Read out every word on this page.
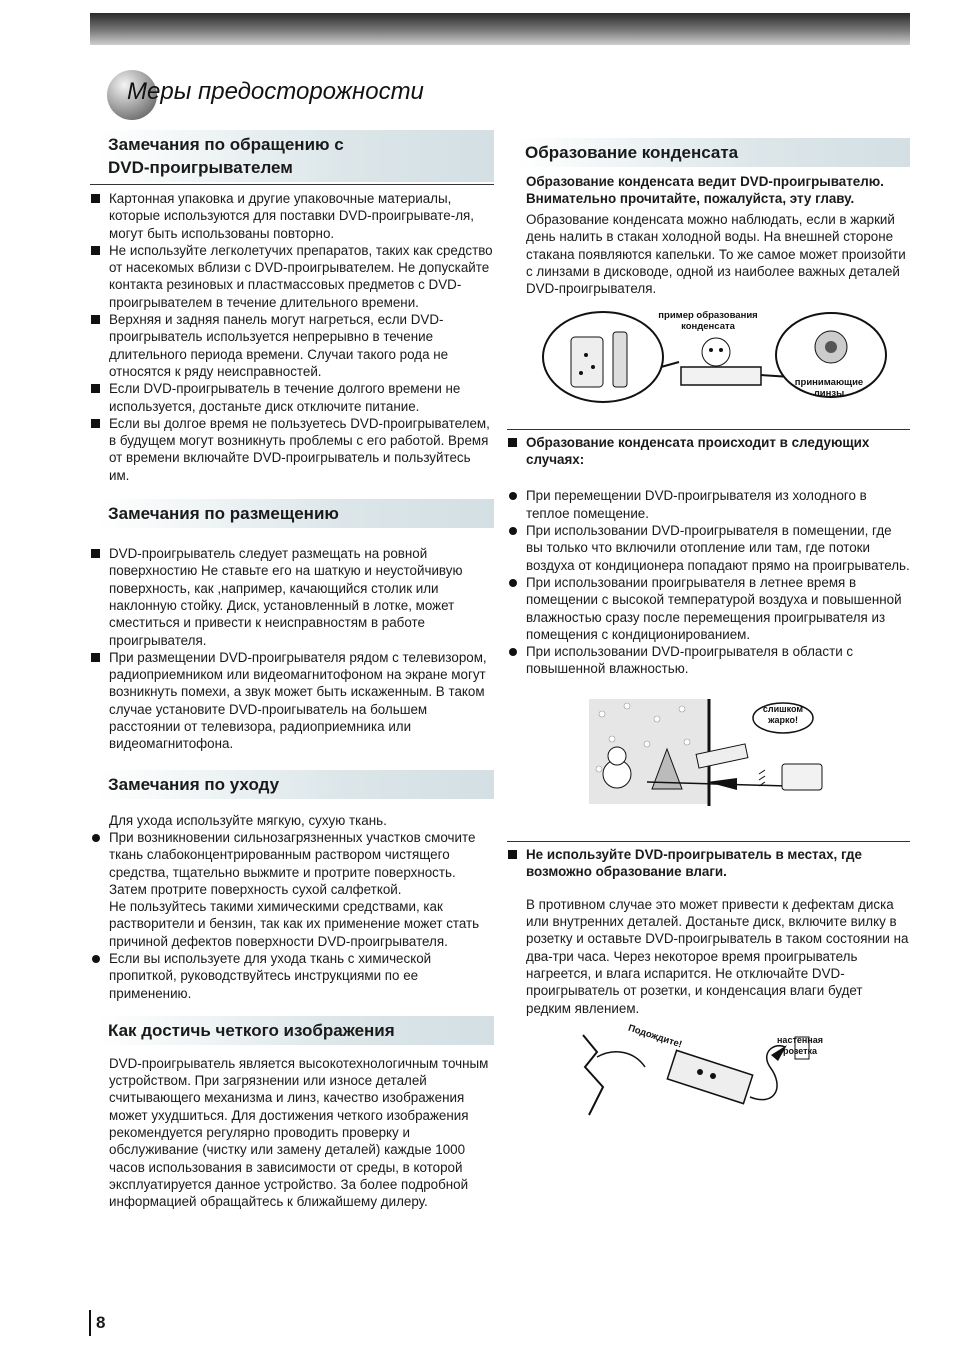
Меры предосторожности
Замечания по обращению с
DVD-проигрывателем
Картонная упаковка и другие упаковочные материалы, которые используются для поставки DVD-проигрывате-ля, могут быть использованы повторно.
Не используйте легколетучих препаратов, таких как средство от насекомых вблизи с DVD-проигрывателем. Не допускайте контакта резиновых и пластмассовых предметов с DVD-проигрывателем в течение длительного времени.
Верхняя и задняя панель могут нагреться, если DVD-проигрыватель используется непрерывно в течение длительного периода времени. Случаи такого рода не относятся к ряду неисправностей.
Если DVD-проигрыватель в течение долгого времени не используется, достаньте диск отключите питание.
Если вы долгое время не пользуетесь DVD-проигрывателем, в будущем могут возникнуть проблемы с его работой. Время от времени включайте DVD-проигрыватель и пользуйтесь им.
Замечания по размещению
DVD-проигрыватель следует размещать на ровной поверхностию Не ставьте его на шаткую и неустойчивую поверхность, как ,например, качающийся столик или наклонную стойку. Диск, установленный в лотке, может сместиться и привести к неисправностям в работе проигрывателя.
При размещении DVD-проигрывателя рядом с телевизором, радиоприемником или видеомагнитофоном на экране могут возникнуть помехи, а звук может быть искаженным. В таком случае установите DVD-проигыватель на большем расстоянии от телевизора, радиоприемника или видеомагнитофона.
Замечания по уходу
Для ухода используйте мягкую, сухую ткань.
При возникновении сильнозагрязненных участков смочите ткань слабоконцентрированным раствором чистящего средства, тщательно выжмите и протрите поверхность. Затем протрите поверхность сухой салфеткой.
Не пользуйтесь такими химическими средствами, как растворители и бензин, так как их применение может стать причиной дефектов поверхности DVD-проигрывателя.
Если вы используете для ухода ткань с химической пропиткой, руководствуйтесь инструкциями по ее применению.
Как достичь четкого изображения

DVD-проигрыватель является высокотехнологичным точным устройством. При загрязнении или износе деталей считывающего механизма и линз, качество изображения может ухудшиться. Для достижения четкого изображения рекомендуется регулярно проводить проверку и обслуживание (чистку или замену деталей) каждые 1000 часов использования в зависимости от среды, в которой эксплуатируется данное устройство. За более подробной информацией обращайтесь к ближайшему дилеру.

Образование конденсата

Образование конденсата ведит DVD-проигрывателю. Внимательно прочитайте, пожалуйста, эту главу.

Образование конденсата можно наблюдать, если в жаркий день налить в стакан холодной воды. На внешней стороне стакана появляются капельки. То же самое может произойти с линзами в дисководе, одной из наиболее важных деталей DVD-проигрывателя.

пример образования конденсата
принимающие линзы
Образование конденсата происходит в следующих случаях:
При перемещении DVD-проигрывателя из холодного в теплое помещение.
При использовании DVD-проигрывателя в помещении, где вы только что включили отопление или там, где потоки воздуха от кондиционера попадают прямо на проигрыватель.
При использовании проигрывателя в летнее время в помещении с высокой температурой воздуха и повышенной влажностью сразу после перемещения проигрывателя из помещения с кондиционированием.
При использовании DVD-проигрывателя в области с повышенной влажностью.
слишком жарко!
Не используйте DVD-проигрыватель в местах, где возможно образование влаги.

В противном случае это может привести к дефектам диска или внутренних деталей. Достаньте диск, включите вилку в розетку и оставьте DVD-проигрыватель в таком состоянии на два-три часа. Через некоторое время проигрыватель нагреется, и влага испарится. Не отключайте DVD-проигрыватель от розетки, и конденсация влаги будет редким явлением.

Подождите!	настенная розетка
8
